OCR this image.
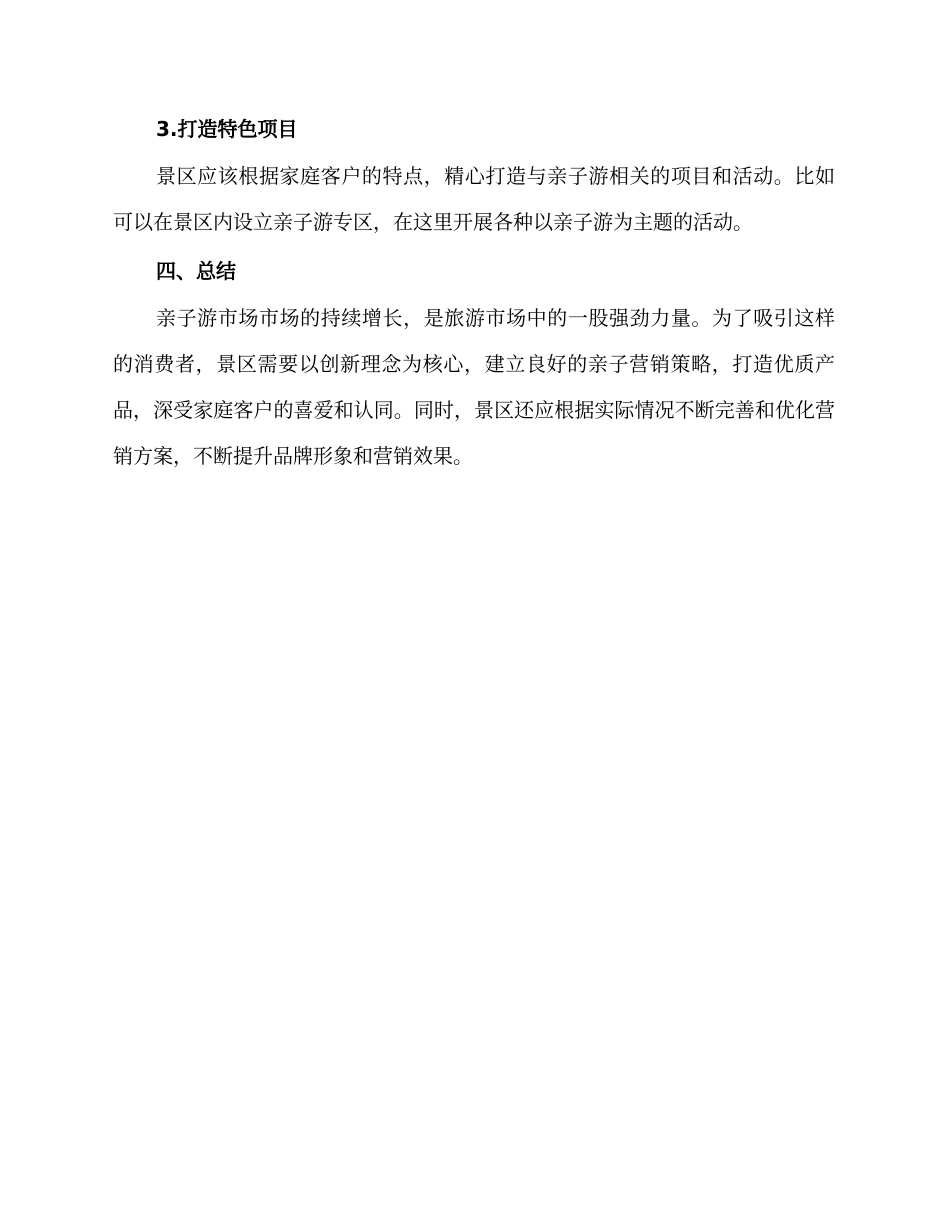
3.打造特色项目

景区应该根据家庭客户的特点，精心打造与亲子游相关的项目和活动。比如可以在景区内设立亲子游专区，在这里开展各种以亲子游为主题的活动。

四、总结

亲子游市场市场的持续增长，是旅游市场中的一股强劲力量。为了吸引这样的消费者，景区需要以创新理念为核心，建立良好的亲子营销策略，打造优质产品，深受家庭客户的喜爱和认同。同时，景区还应根据实际情况不断完善和优化营销方案，不断提升品牌形象和营销效果。
